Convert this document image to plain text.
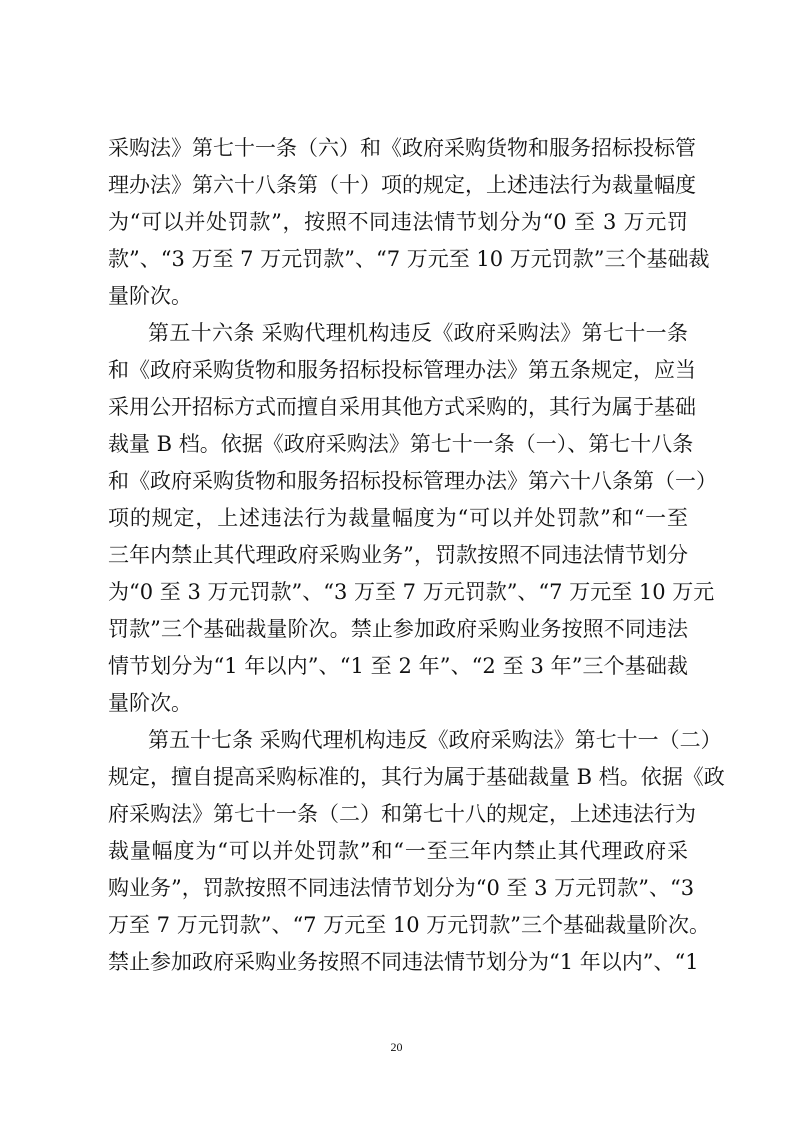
采购法》第七十一条（六）和《政府采购货物和服务招标投标管
理办法》第六十八条第（十）项的规定，上述违法行为裁量幅度
为“可以并处罚款”，按照不同违法情节划分为“0 至 3 万元罚
款”、“3 万至 7 万元罚款”、“7 万元至 10 万元罚款”三个基础裁
量阶次。
第五十六条 采购代理机构违反《政府采购法》第七十一条
和《政府采购货物和服务招标投标管理办法》第五条规定，应当
采用公开招标方式而擅自采用其他方式采购的，其行为属于基础
裁量 B 档。依据《政府采购法》第七十一条（一）、第七十八条
和《政府采购货物和服务招标投标管理办法》第六十八条第（一）
项的规定，上述违法行为裁量幅度为“可以并处罚款”和“一至
三年内禁止其代理政府采购业务”，罚款按照不同违法情节划分
为“0 至 3 万元罚款”、“3 万至 7 万元罚款”、“7 万元至 10 万元
罚款”三个基础裁量阶次。禁止参加政府采购业务按照不同违法
情节划分为“1 年以内”、“1 至 2 年”、“2 至 3 年”三个基础裁
量阶次。
第五十七条 采购代理机构违反《政府采购法》第七十一（二）
规定，擅自提高采购标准的，其行为属于基础裁量 B 档。依据《政
府采购法》第七十一条（二）和第七十八的规定，上述违法行为
裁量幅度为“可以并处罚款”和“一至三年内禁止其代理政府采
购业务”，罚款按照不同违法情节划分为“0 至 3 万元罚款”、“3
万至 7 万元罚款”、“7 万元至 10 万元罚款”三个基础裁量阶次。
禁止参加政府采购业务按照不同违法情节划分为“1 年以内”、“1
20
